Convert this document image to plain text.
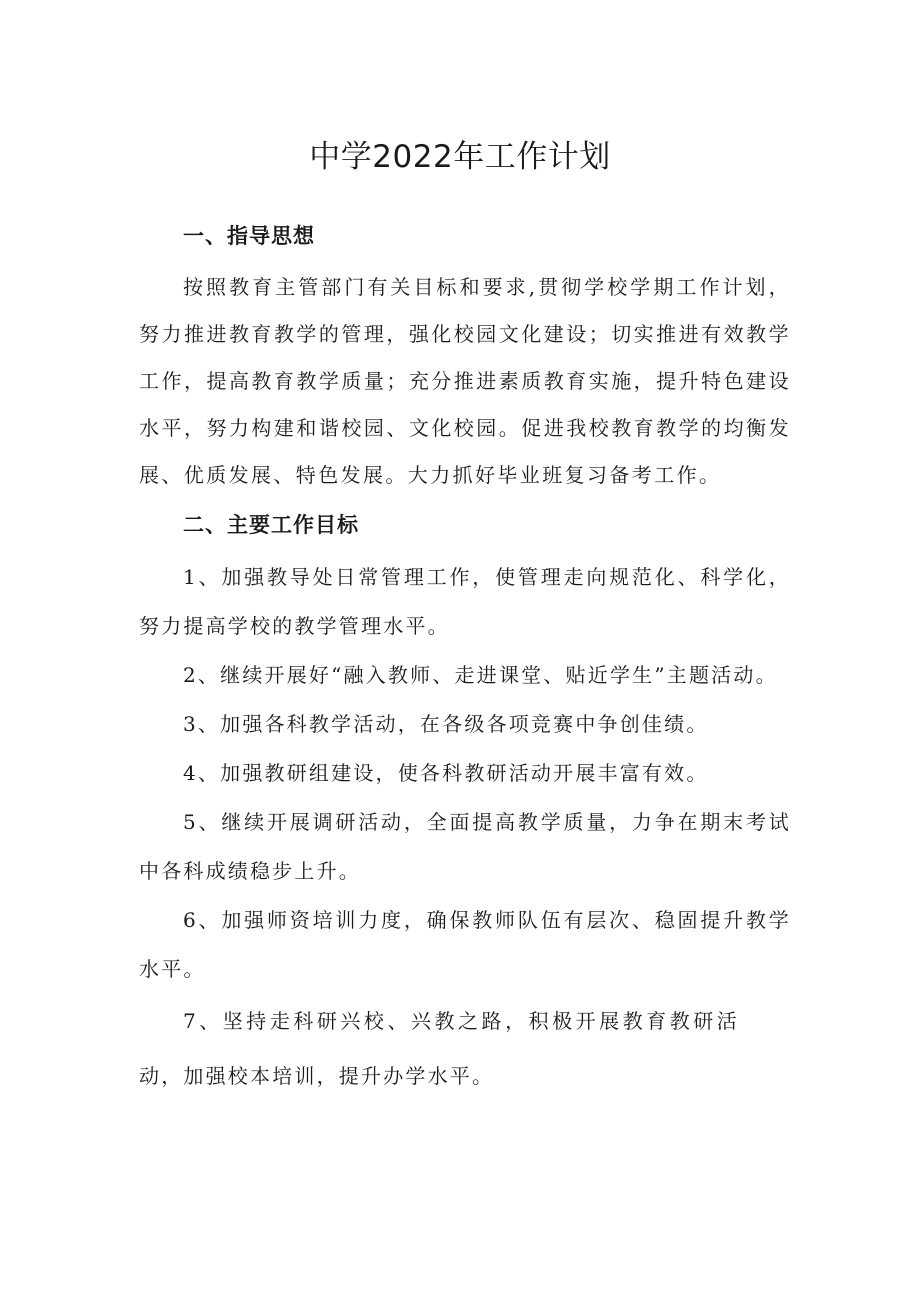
中学2022年工作计划
一、指导思想

按照教育主管部门有关目标和要求,贯彻学校学期工作计划，努力推进教育教学的管理，强化校园文化建设；切实推进有效教学工作，提高教育教学质量；充分推进素质教育实施，提升特色建设水平，努力构建和谐校园、文化校园。促进我校教育教学的均衡发展、优质发展、特色发展。大力抓好毕业班复习备考工作。

二、主要工作目标

1、加强教导处日常管理工作，使管理走向规范化、科学化，努力提高学校的教学管理水平。

2、继续开展好“融入教师、走进课堂、贴近学生”主题活动。

3、加强各科教学活动，在各级各项竞赛中争创佳绩。

4、加强教研组建设，使各科教研活动开展丰富有效。

5、继续开展调研活动，全面提高教学质量，力争在期末考试中各科成绩稳步上升。

6、加强师资培训力度，确保教师队伍有层次、稳固提升教学水平。

7、坚持走科研兴校、兴教之路，积极开展教育教研活动，加强校本培训，提升办学水平。
